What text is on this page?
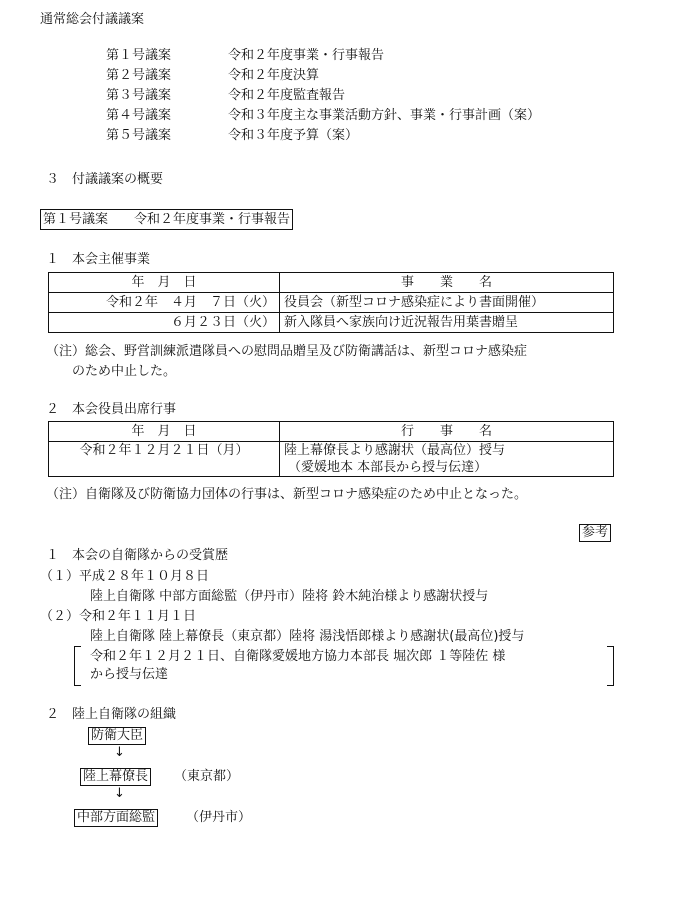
通常総会付議議案
第１号議案	令和２年度事業・行事報告
第２号議案	令和２年度決算
第３号議案	令和２年度監査報告
第４号議案	令和３年度主な事業活動方針、事業・行事計画（案）
第５号議案	令和３年度予算（案）
３　付議議案の概要
第１号議案　　令和２年度事業・行事報告
１　本会主催事業
年　月　日	事　　業　　名
令和２年　４月　７日（火）	役員会（新型コロナ感染症により書面開催）
６月２３日（火）	新入隊員へ家族向け近況報告用葉書贈呈
（注）総会、野営訓練派遣隊員への慰問品贈呈及び防衛講話は、新型コロナ感染症
のため中止した。
２　本会役員出席行事
年　月　日	行　　事　　名
令和２年１２月２１日（月）	陸上幕僚長より感謝状（最高位）授与
（愛媛地本 本部長から授与伝達）
（注）自衛隊及び防衛協力団体の行事は、新型コロナ感染症のため中止となった。
参考
１　本会の自衛隊からの受賞歴
（１）平成２８年１０月８日
陸上自衛隊 中部方面総監（伊丹市）陸将 鈴木純治様より感謝状授与
（２）令和２年１１月１日
陸上自衛隊 陸上幕僚長（東京都）陸将 湯浅悟郎様より感謝状(最高位)授与
令和２年１２月２１日、自衛隊愛媛地方協力本部長 堀次郎 １等陸佐 様
から授与伝達
２　陸上自衛隊の組織
防衛大臣
↓
陸上幕僚長 （東京都）
↓
中部方面総監 （伊丹市）
